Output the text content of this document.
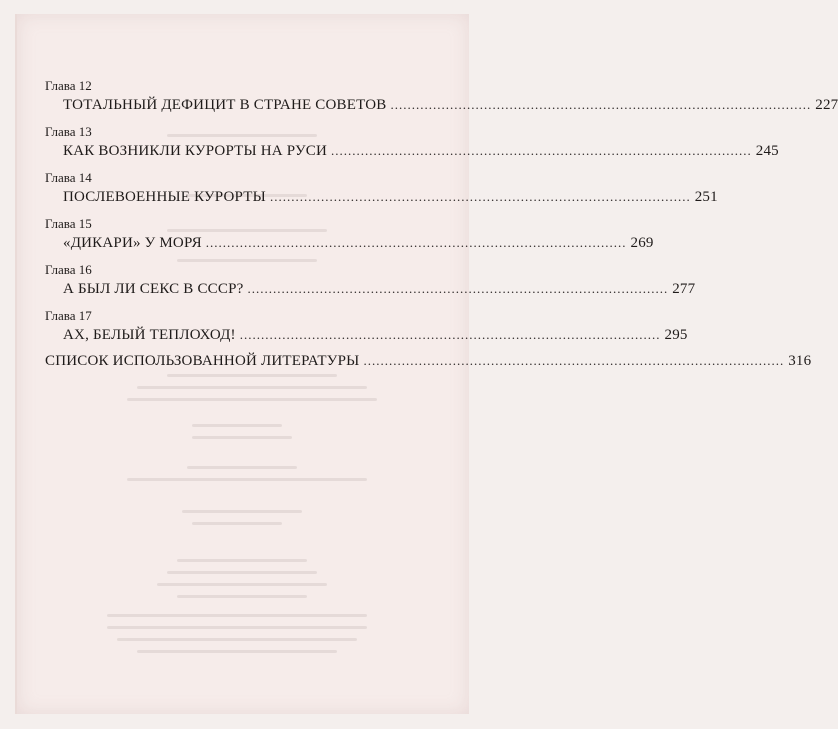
Глава 12
ТОТАЛЬНЫЙ ДЕФИЦИТ В СТРАНЕ СОВЕТОВ ................................................................................................... 227
Глава 13
КАК ВОЗНИКЛИ КУРОРТЫ НА РУСИ ................................................................................................... 245
Глава 14
ПОСЛЕВОЕННЫЕ КУРОРТЫ ................................................................................................... 251
Глава 15
«ДИКАРИ» У МОРЯ ................................................................................................... 269
Глава 16
А БЫЛ ЛИ СЕКС В СССР? ................................................................................................... 277
Глава 17
АХ, БЕЛЫЙ ТЕПЛОХОД! ................................................................................................... 295
СПИСОК ИСПОЛЬЗОВАННОЙ ЛИТЕРАТУРЫ ................................................................................................... 316
